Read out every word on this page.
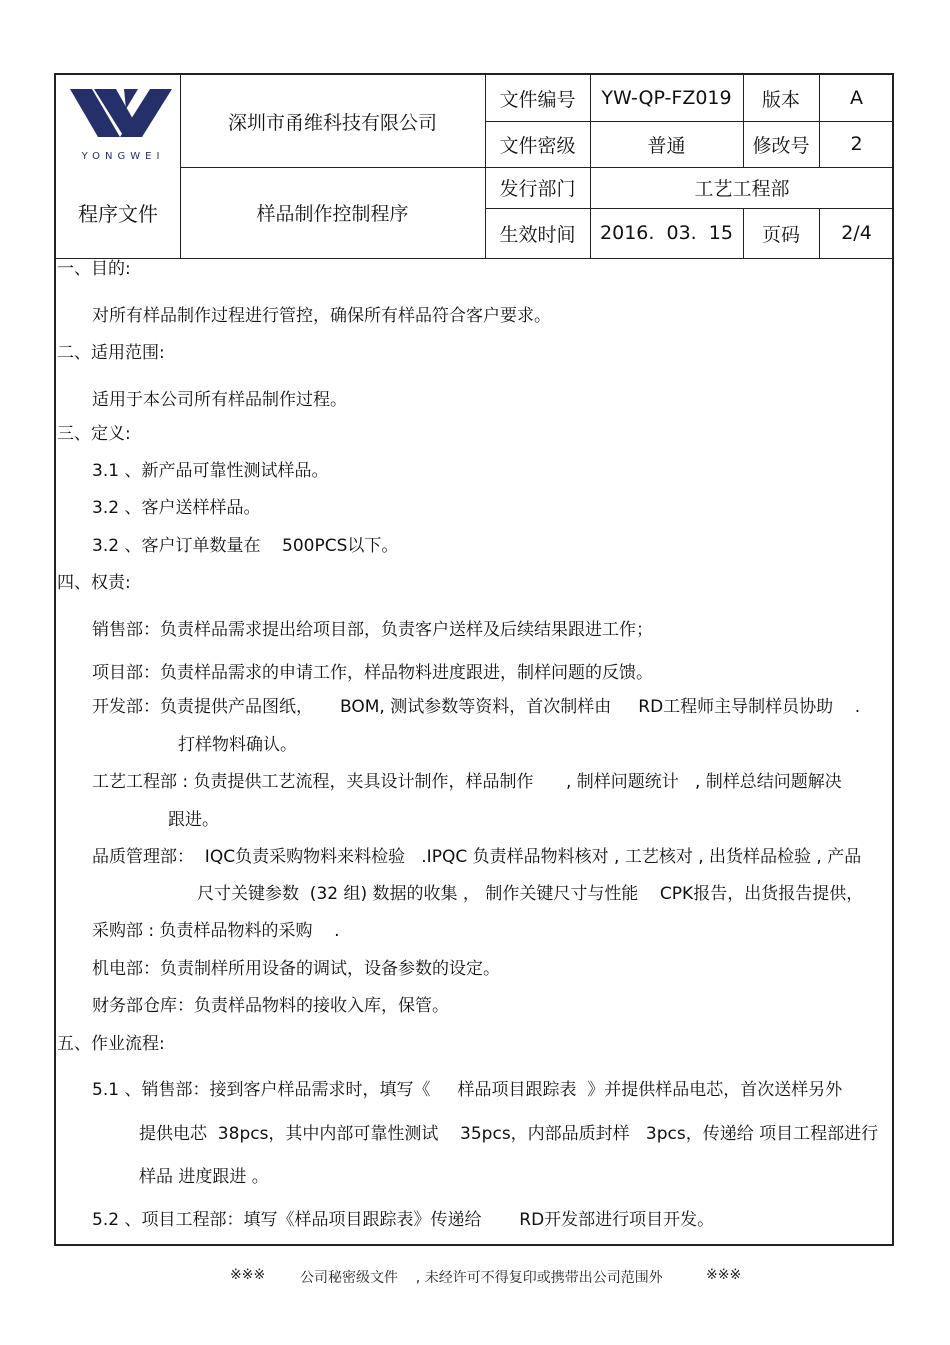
YONGWEI
深圳市甬维科技有限公司
程序文件	样品制作控制程序
文件编号	YW-QP-FZ019	版本	A
文件密级	普通	修改号	2
发行部门	工艺工程部
生效时间	2016.  03.  15	页码	2/4
一、目的:
对所有样品制作过程进行管控，确保所有样品符合客户要求。
二、适用范围:
适用于本公司所有样品制作过程。
三、定义:
3.1 、新产品可靠性测试样品。
3.2 、客户送样样品。
3.2 、客户订单数量在    500PCS以下。
四、权责:
销售部：负责样品需求提出给项目部，负责客户送样及后续结果跟进工作；
项目部：负责样品需求的申请工作，样品物料进度跟进，制样问题的反馈。
开发部：负责提供产品图纸，     BOM, 测试参数等资料，首次制样由     RD工程师主导制样员协助    .
打样物料确认。
工艺工程部 : 负责提供工艺流程，夹具设计制作，样品制作      , 制样问题统计   , 制样总结问题解决
跟进。
品质管理部：  IQC负责采购物料来料检验   .IPQC 负责样品物料核对 , 工艺核对 , 出货样品检验 , 产品
尺寸关键参数  (32 组) 数据的收集 ， 制作关键尺寸与性能    CPK报告，出货报告提供，
采购部 : 负责样品物料的采购    .
机电部：负责制样所用设备的调试，设备参数的设定。
财务部仓库：负责样品物料的接收入库，保管。
五、作业流程:
5.1 、销售部：接到客户样品需求时，填写《     样品项目跟踪表  》并提供样品电芯，首次送样另外
提供电芯  38pcs，其中内部可靠性测试    35pcs，内部品质封样   3pcs，传递给 项目工程部进行
样品 进度跟进 。
5.2 、项目工程部：填写《样品项目跟踪表》传递给       RD开发部进行项目开发。
※※※ 公司秘密级文件    , 未经许可不得复印或携带出公司范围外	※※※
